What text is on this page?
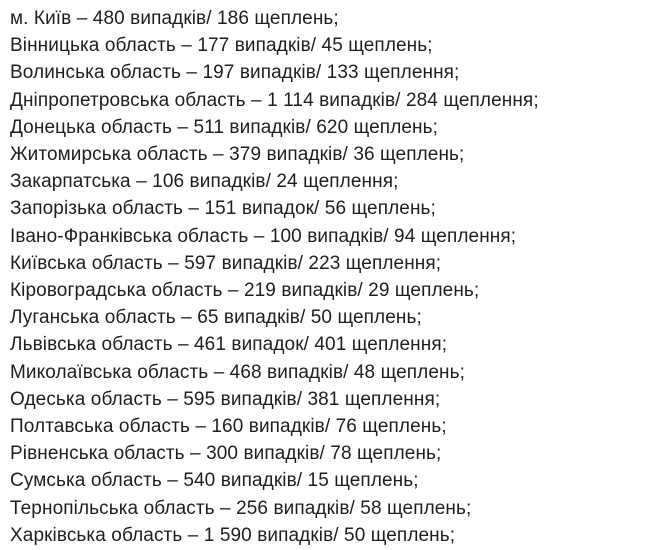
м. Київ – 480 випадків/ 186 щеплень;
Вінницька область – 177 випадків/ 45 щеплень;
Волинська область – 197 випадків/ 133 щеплення;
Дніпропетровська область – 1 114 випадків/ 284 щеплення;
Донецька область – 511 випадків/ 620 щеплень;
Житомирська область – 379 випадків/ 36 щеплень;
Закарпатська – 106 випадків/ 24 щеплення;
Запорізька область – 151 випадок/ 56 щеплень;
Івано-Франківська область – 100 випадків/ 94 щеплення;
Київська область – 597 випадків/ 223 щеплення;
Кіровоградська область – 219 випадків/ 29 щеплень;
Луганська область – 65 випадків/ 50 щеплень;
Львівська область – 461 випадок/ 401 щеплення;
Миколаївська область – 468 випадків/ 48 щеплень;
Одеська область – 595 випадків/ 381 щеплення;
Полтавська область – 160 випадків/ 76 щеплень;
Рівненська область – 300 випадків/ 78 щеплень;
Сумська область – 540 випадків/ 15 щеплень;
Тернопільська область – 256 випадків/ 58 щеплень;
Харківська область – 1 590 випадків/ 50 щеплень;
